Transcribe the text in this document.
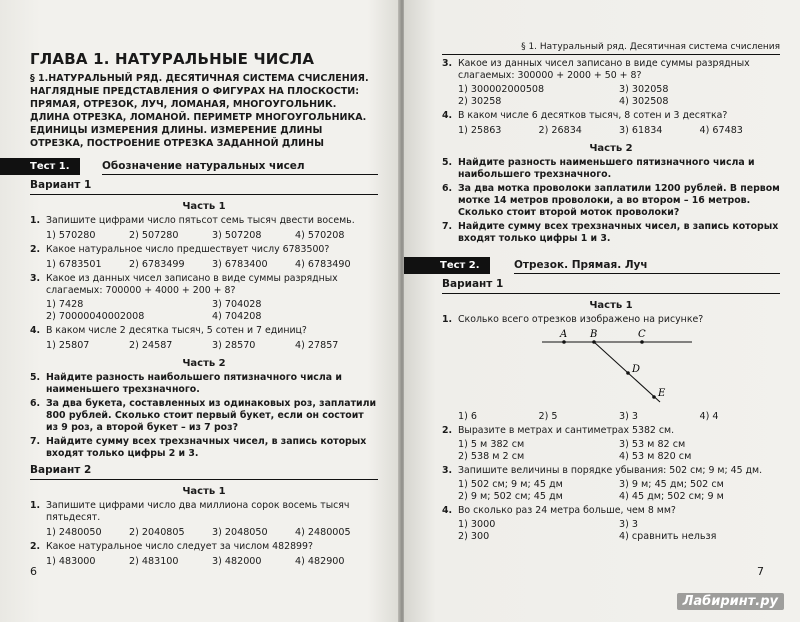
ГЛАВА 1. НАТУРАЛЬНЫЕ ЧИСЛА
§ 1.НАТУРАЛЬНЫЙ РЯД. ДЕСЯТИЧНАЯ СИСТЕМА СЧИСЛЕНИЯ. НАГЛЯДНЫЕ ПРЕДСТАВЛЕНИЯ О ФИГУРАХ НА ПЛОСКОСТИ: ПРЯМАЯ, ОТРЕЗОК, ЛУЧ, ЛОМАНАЯ, МНОГОУГОЛЬНИК. ДЛИНА ОТРЕЗКА, ЛОМАНОЙ. ПЕРИМЕТР МНОГОУГОЛЬНИКА. ЕДИНИЦЫ ИЗМЕРЕНИЯ ДЛИНЫ. ИЗМЕРЕНИЕ ДЛИНЫ ОТРЕЗКА, ПОСТРОЕНИЕ ОТРЕЗКА ЗАДАННОЙ ДЛИНЫ
Тест 1.	Обозначение натуральных чисел
Вариант 1
Часть 1
1. Запишите цифрами число пятьсот семь тысяч двести восемь.
1) 570280	2) 507280	3) 507208	4) 570208
2. Какое натуральное число предшествует числу 6783500?
1) 6783501	2) 6783499	3) 6783400	4) 6783490
3. Какое из данных чисел записано в виде суммы разрядных слагаемых: 700000 + 4000 + 200 + 8?
1) 7428	3) 704028
2) 70000040002008	4) 704208
4. В каком числе 2 десятка тысяч, 5 сотен и 7 единиц?
1) 25807	2) 24587	3) 28570	4) 27857
Часть 2
5. Найдите разность наибольшего пятизначного числа и наименьшего трехзначного.
6. За два букета, составленных из одинаковых роз, заплатили 800 рублей. Сколько стоит первый букет, если он состоит из 9 роз, а второй букет – из 7 роз?
7. Найдите сумму всех трехзначных чисел, в запись которых входят только цифры 2 и 3.
Вариант 2
Часть 1
1. Запишите цифрами число два миллиона сорок восемь тысяч пятьдесят.
1) 2480050	2) 2040805	3) 2048050	4) 2480005
2. Какое натуральное число следует за числом 482899?
1) 483000	2) 483100	3) 482000	4) 482900
6
§ 1. Натуральный ряд. Десятичная система счисления
3. Какое из данных чисел записано в виде суммы разрядных слагаемых: 300000 + 2000 + 50 + 8?
1) 300002000508	3) 302058
2) 30258	4) 302508
4. В каком числе 6 десятков тысяч, 8 сотен и 3 десятка?
1) 25863	2) 26834	3) 61834	4) 67483
Часть 2
5. Найдите разность наименьшего пятизначного числа и наибольшего трехзначного.
6. За два мотка проволоки заплатили 1200 рублей. В первом мотке 14 метров проволоки, а во втором – 16 метров. Сколько стоит второй моток проволоки?
7. Найдите сумму всех трехзначных чисел, в запись которых входят только цифры 1 и 3.
Тест 2.	Отрезок. Прямая. Луч
Вариант 1
Часть 1
1. Сколько всего отрезков изображено на рисунке?
A B	C
D
E
1) 6	2) 5	3) 3	4) 4
2. Выразите в метрах и сантиметрах 5382 см.
1) 5 м 382 см	3) 53 м 82 см
2) 538 м 2 см	4) 53 м 820 см
3. Запишите величины в порядке убывания: 502 см; 9 м; 45 дм.
1) 502 см; 9 м; 45 дм	3) 9 м; 45 дм; 502 см
2) 9 м; 502 см; 45 дм	4) 45 дм; 502 см; 9 м
4. Во сколько раз 24 метра больше, чем 8 мм?
1) 3000	3) 3
2) 300	4) сравнить нельзя
7
Лабиринт.ру
